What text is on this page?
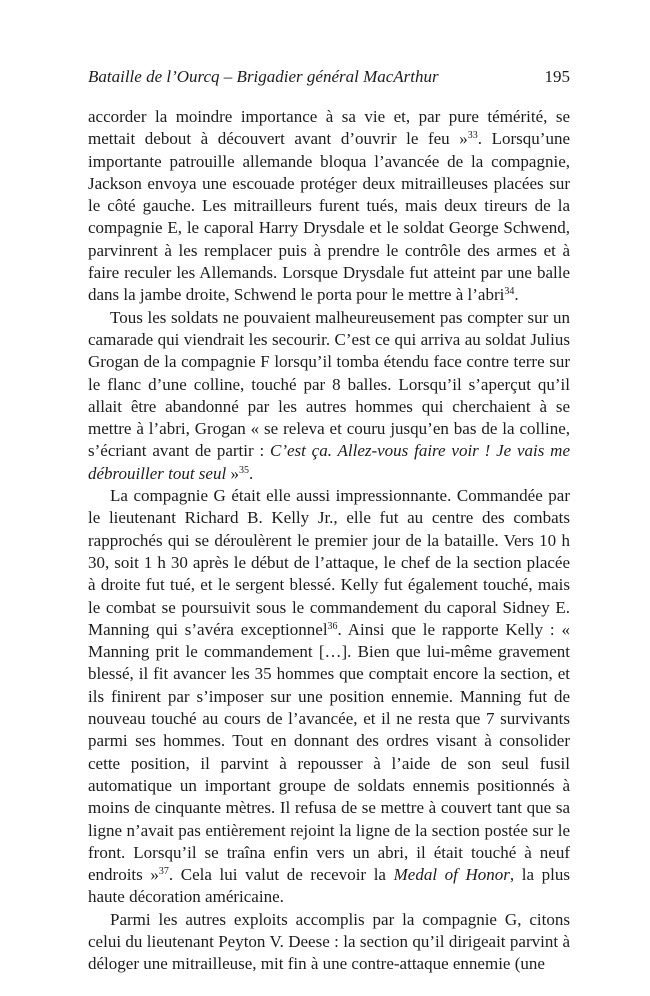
Bataille de l’Ourcq – Brigadier général MacArthur	195

accorder la moindre importance à sa vie et, par pure témérité, se mettait debout à découvert avant d’ouvrir le feu »$^{33}$. Lorsqu’une importante patrouille allemande bloqua l’avancée de la compagnie, Jackson envoya une escouade protéger deux mitrailleuses placées sur le côté gauche. Les mitrailleurs furent tués, mais deux tireurs de la compagnie E, le caporal Harry Drysdale et le soldat George Schwend, parvinrent à les remplacer puis à prendre le contrôle des armes et à faire reculer les Allemands. Lorsque Drysdale fut atteint par une balle dans la jambe droite, Schwend le porta pour le mettre à l’abri$^{34}$.

Tous les soldats ne pouvaient malheureusement pas compter sur un camarade qui viendrait les secourir. C’est ce qui arriva au soldat Julius Grogan de la compagnie F lorsqu’il tomba étendu face contre terre sur le flanc d’une colline, touché par 8 balles. Lorsqu’il s’aperçut qu’il allait être abandonné par les autres hommes qui cherchaient à se mettre à l’abri, Grogan « se releva et couru jusqu’en bas de la colline, s’écriant avant de partir : C’est ça. Allez-vous faire voir ! Je vais me débrouiller tout seul »$^{35}$.

La compagnie G était elle aussi impressionnante. Commandée par le lieutenant Richard B. Kelly Jr., elle fut au centre des combats rapprochés qui se déroulèrent le premier jour de la bataille. Vers 10 h 30, soit 1 h 30 après le début de l’attaque, le chef de la section placée à droite fut tué, et le sergent blessé. Kelly fut également touché, mais le combat se poursuivit sous le commandement du caporal Sidney E. Manning qui s’avéra exceptionnel$^{36}$. Ainsi que le rapporte Kelly : « Manning prit le commandement […]. Bien que lui-même gravement blessé, il fit avancer les 35 hommes que comptait encore la section, et ils finirent par s’imposer sur une position ennemie. Manning fut de nouveau touché au cours de l’avancée, et il ne resta que 7 survivants parmi ses hommes. Tout en donnant des ordres visant à consolider cette position, il parvint à repousser à l’aide de son seul fusil automatique un important groupe de soldats ennemis positionnés à moins de cinquante mètres. Il refusa de se mettre à couvert tant que sa ligne n’avait pas entièrement rejoint la ligne de la section postée sur le front. Lorsqu’il se traîna enfin vers un abri, il était touché à neuf endroits »$^{37}$. Cela lui valut de recevoir la Medal of Honor, la plus haute décoration américaine.

Parmi les autres exploits accomplis par la compagnie G, citons celui du lieutenant Peyton V. Deese : la section qu’il dirigeait parvint à déloger une mitrailleuse, mit fin à une contre-attaque ennemie (une
